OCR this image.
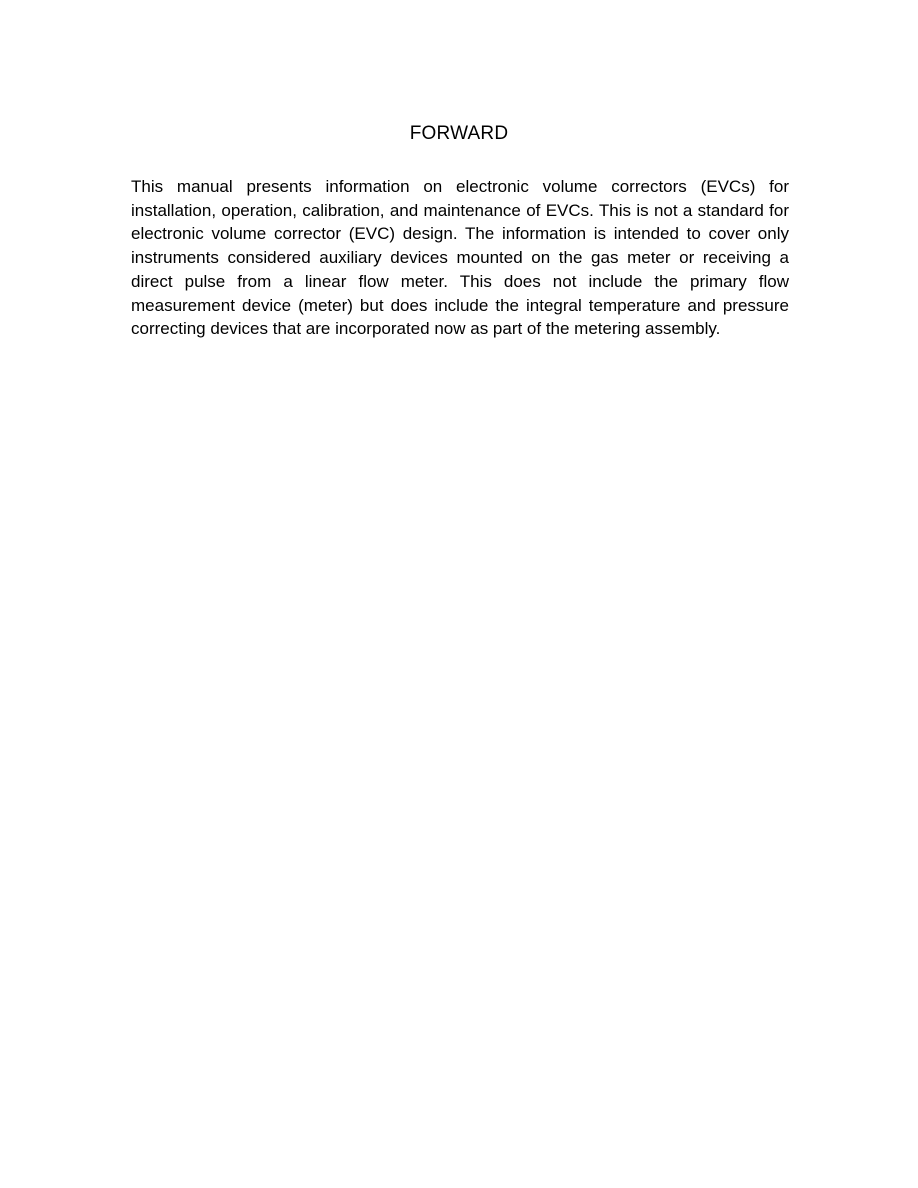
FORWARD

This manual presents information on electronic volume correctors (EVCs) for installation, operation, calibration, and maintenance of EVCs. This is not a standard for electronic volume corrector (EVC) design. The information is intended to cover only instruments considered auxiliary devices mounted on the gas meter or receiving a direct pulse from a linear flow meter. This does not include the primary flow measurement device (meter) but does include the integral temperature and pressure correcting devices that are incorporated now as part of the metering assembly.
